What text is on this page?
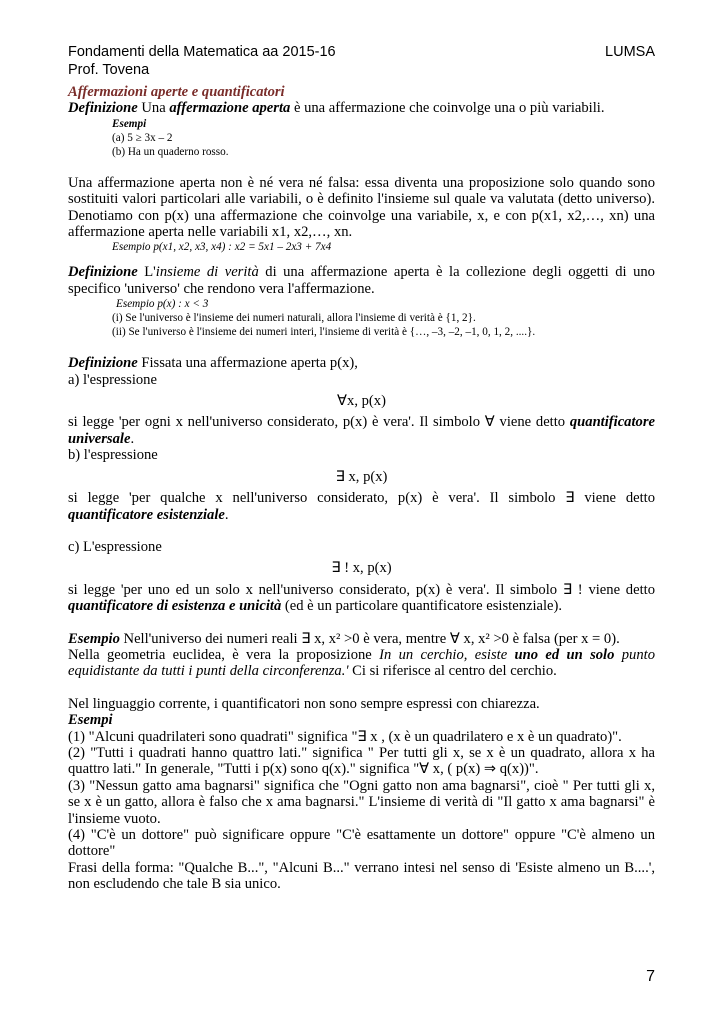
Fondamenti della Matematica aa 2015-16	LUMSA
Prof. Tovena

Affermazioni aperte e quantificatori

Definizione Una affermazione aperta è una affermazione che coinvolge una o più variabili.

Esempi

(a) 5 ≥ 3x – 2

(b) Ha un quaderno rosso.

Una affermazione aperta non è né vera né falsa: essa diventa una proposizione solo quando sono sostituiti valori particolari alle variabili, o è definito l'insieme sul quale va valutata (detto universo). Denotiamo con p(x) una affermazione che coinvolge una variabile, x, e con p(x1, x2,…, xn) una affermazione aperta nelle variabili x1, x2,…, xn.

Esempio p(x1, x2, x3, x4) : x2 = 5x1 – 2x3 + 7x4

Definizione L'insieme di verità di una affermazione aperta è la collezione degli oggetti di uno specifico 'universo' che rendono vera l'affermazione.

Esempio p(x) : x < 3

(i) Se l'universo è l'insieme dei numeri naturali, allora l'insieme di verità è {1, 2}.

(ii) Se l'universo è l'insieme dei numeri interi, l'insieme di verità è {…, –3, –2, –1, 0, 1, 2, ....}.

Definizione Fissata una affermazione aperta p(x),

a) l'espressione

∀x, p(x)

si legge 'per ogni x nell'universo considerato, p(x) è vera'. Il simbolo ∀ viene detto quantificatore universale.

b) l'espressione

∃ x, p(x)

si legge 'per qualche x nell'universo considerato, p(x) è vera'. Il simbolo ∃ viene detto quantificatore esistenziale.

c) L'espressione

∃ ! x, p(x)

si legge 'per uno ed un solo x nell'universo considerato, p(x) è vera'. Il simbolo ∃ ! viene detto quantificatore di esistenza e unicità (ed è un particolare quantificatore esistenziale).

Esempio Nell'universo dei numeri reali ∃ x, x² >0 è vera, mentre ∀ x, x² >0 è falsa (per x = 0).

Nella geometria euclidea, è vera la proposizione In un cerchio, esiste uno ed un solo punto equidistante da tutti i punti della circonferenza.' Ci si riferisce al centro del cerchio.

Nel linguaggio corrente, i quantificatori non sono sempre espressi con chiarezza.

Esempi

(1) "Alcuni quadrilateri sono quadrati" significa "∃ x , (x è un quadrilatero e x è un quadrato)".

(2) "Tutti i quadrati hanno quattro lati." significa " Per tutti gli x, se x è un quadrato, allora x ha quattro lati." In generale, "Tutti i p(x) sono q(x)." significa "∀ x, ( p(x) ⇒ q(x))".

(3) "Nessun gatto ama bagnarsi" significa che "Ogni gatto non ama bagnarsi", cioè " Per tutti gli x, se x è un gatto, allora è falso che x ama bagnarsi." L'insieme di verità di "Il gatto x ama bagnarsi" è l'insieme vuoto.

(4) "C'è un dottore" può significare oppure "C'è esattamente un dottore" oppure "C'è almeno un dottore"

Frasi della forma: "Qualche B...", "Alcuni B..." verrano intesi nel senso di 'Esiste almeno un B....', non escludendo che tale B sia unico.

7
